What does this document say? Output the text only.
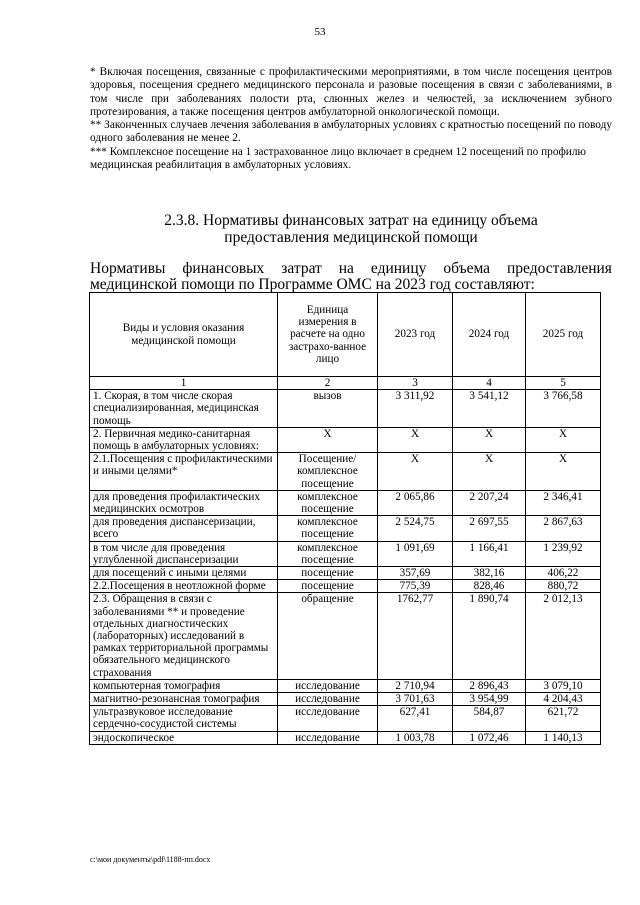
53

* Включая посещения, связанные с профилактическими мероприятиями, в том числе посещения центров здоровья, посещения среднего медицинского персонала и разовые посещения в связи с заболеваниями, в том числе при заболеваниях полости рта, слюнных желез и челюстей, за исключением зубного протезирования, а также посещения центров амбулаторной онкологической помощи.

** Законченных случаев лечения заболевания в амбулаторных условиях с кратностью посещений по поводу одного заболевания не менее 2.

*** Комплексное посещение на 1 застрахованное лицо включает в среднем 12 посещений по профилю медицинская реабилитация в амбулаторных условиях.

2.3.8. Нормативы финансовых затрат на единицу объема
предоставления медицинской помощи
Нормативы финансовых затрат на единицу объема предоставления
медицинской помощи по Программе ОМС на 2023 год составляют:
Виды и условия оказания медицинской помощи	Единица измерения в расчете на одно застрахо-ванное лицо	2023 год	2024 год	2025 год
1	2	3	4	5
1. Скорая, в том числе скорая специализированная, медицинская помощь	вызов	3 311,92	3 541,12	3 766,58
2. Первичная медико-санитарная помощь в амбулаторных условиях:	Х	Х	Х	Х
2.1.Посещения с профилактическими и иными целями*	Посещение/ комплексное посещение	Х	Х	Х
для проведения профилактических медицинских осмотров	комплексное посещение	2 065,86	2 207,24	2 346,41
для проведения диспансеризации, всего	комплексное посещение	2 524,75	2 697,55	2 867,63
в том числе для проведения углубленной диспансеризации	комплексное посещение	1 091,69	1 166,41	1 239,92
для посещений с иными целями	посещение	357,69	382,16	406,22
2.2.Посещения в неотложной форме	посещение	775,39	828,46	880,72
2.3. Обращения в связи с заболеваниями ** и проведение отдельных диагностических (лабораторных) исследований в рамках территориальной программы обязательного медицинского страхования	обращение	1762,77	1 890,74	2 012,13
компьютерная томография	исследование	2 710,94	2 896,43	3 079,10
магнитно-резонансная томография	исследование	3 701,63	3 954,99	4 204,43
ультразвуковое исследование сердечно-сосудистой системы	исследование	627,41	584,87	621,72
эндоскопическое	исследование	1 003,78	1 072,46	1 140,13
c:\мои документы\pdf\1188-пп.docx
